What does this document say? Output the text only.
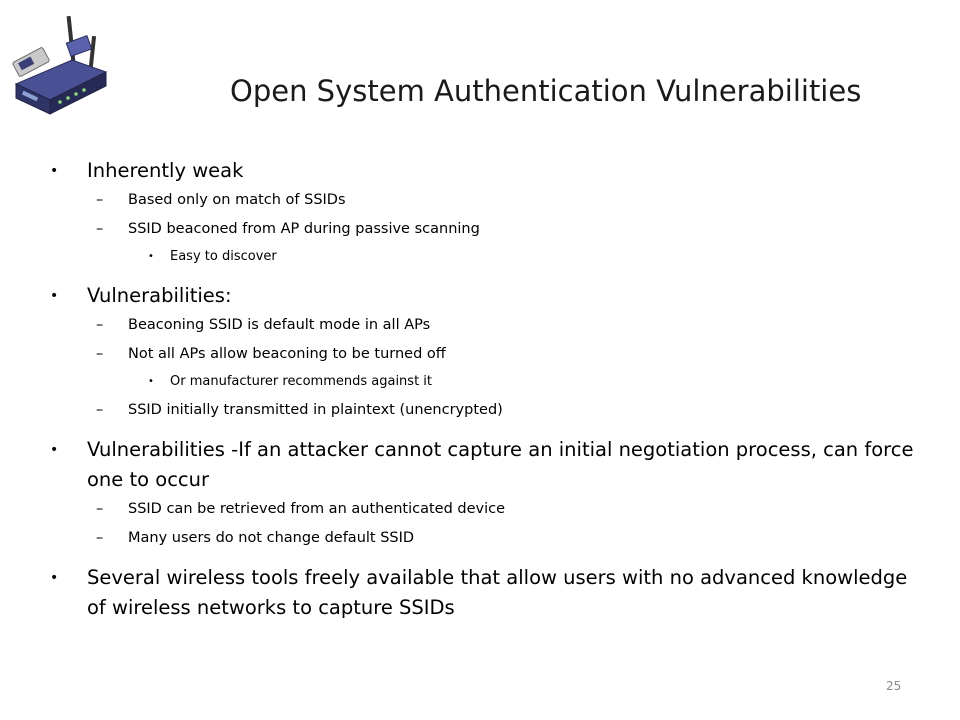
Open System Authentication Vulnerabilities
• Inherently weak
– Based only on match of SSIDs
– SSID beaconed from AP during passive scanning
• Easy to discover
• Vulnerabilities:
– Beaconing SSID is default mode in all APs
– Not all APs allow beaconing to be turned off
• Or manufacturer recommends against it
– SSID initially transmitted in plaintext (unencrypted)
• Vulnerabilities -If an attacker cannot capture an initial negotiation process, can force one to occur
– SSID can be retrieved from an authenticated device
– Many users do not change default SSID
• Several wireless tools freely available that allow users with no advanced knowledge of wireless networks to capture SSIDs
25
